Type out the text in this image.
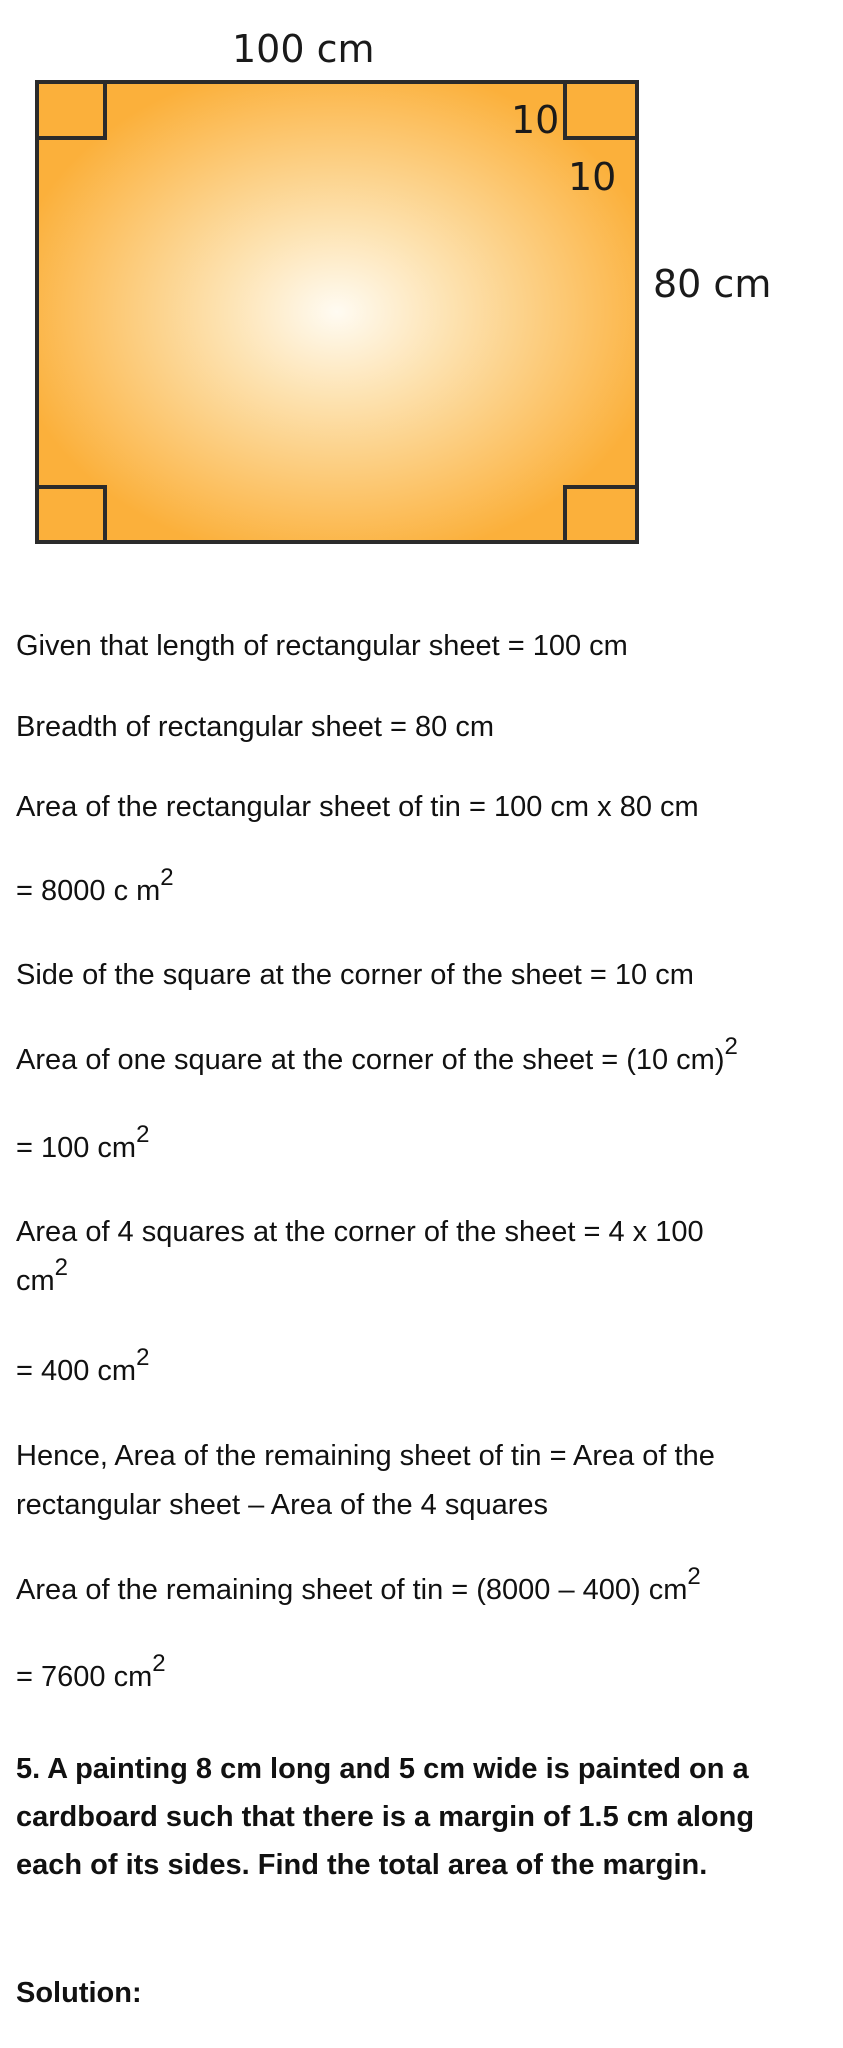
100 cm
80 cm
10
10
Given that length of rectangular sheet = 100 cm
Breadth of rectangular sheet = 80 cm
Area of the rectangular sheet of tin = 100 cm x 80 cm
= 8000 c $m^2$
Side of the square at the corner of the sheet = 10 cm
Area of one square at the corner of the sheet = (10 cm)$^2$
= 100 $cm^2$
Area of 4 squares at the corner of the sheet = 4 x 100
$cm^2$
= 400 $cm^2$
Hence, Area of the remaining sheet of tin = Area of the
rectangular sheet – Area of the 4 squares
Area of the remaining sheet of tin = (8000 – 400) $cm^2$
= 7600 $cm^2$
5. A painting 8 cm long and 5 cm wide is painted on a cardboard such that there is a margin of 1.5 cm along each of its sides. Find the total area of the margin.
Solution:
